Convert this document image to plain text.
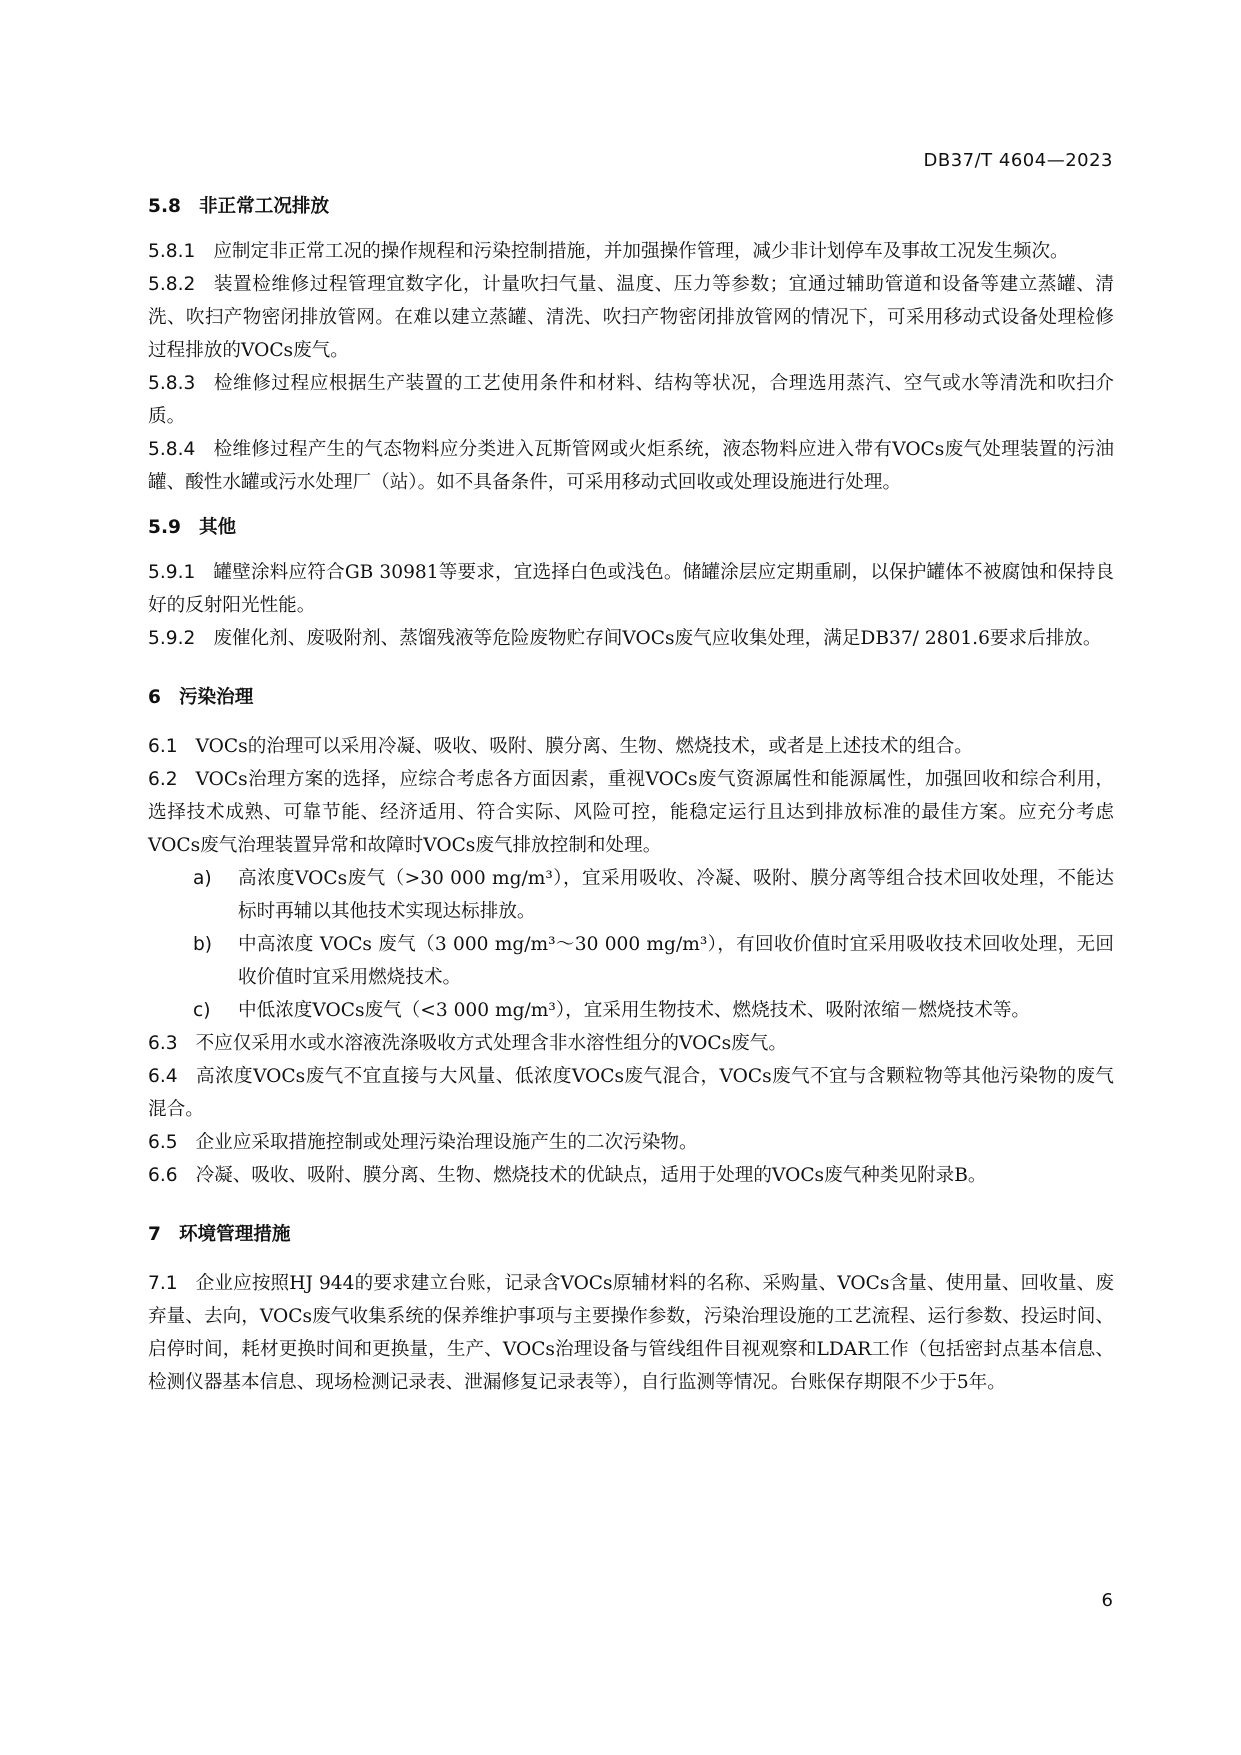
DB37/T 4604—2023
5.8 非正常工况排放
5.8.1 应制定非正常工况的操作规程和污染控制措施，并加强操作管理，减少非计划停车及事故工况发生频次。
5.8.2 装置检维修过程管理宜数字化，计量吹扫气量、温度、压力等参数；宜通过辅助管道和设备等建立蒸罐、清洗、吹扫产物密闭排放管网。在难以建立蒸罐、清洗、吹扫产物密闭排放管网的情况下，可采用移动式设备处理检修过程排放的VOCs废气。
5.8.3 检维修过程应根据生产装置的工艺使用条件和材料、结构等状况，合理选用蒸汽、空气或水等清洗和吹扫介质。
5.8.4 检维修过程产生的气态物料应分类进入瓦斯管网或火炬系统，液态物料应进入带有VOCs废气处理装置的污油罐、酸性水罐或污水处理厂（站）。如不具备条件，可采用移动式回收或处理设施进行处理。
5.9 其他
5.9.1 罐壁涂料应符合GB 30981等要求，宜选择白色或浅色。储罐涂层应定期重刷，以保护罐体不被腐蚀和保持良好的反射阳光性能。
5.9.2 废催化剂、废吸附剂、蒸馏残液等危险废物贮存间VOCs废气应收集处理，满足DB37/ 2801.6要求后排放。
6 污染治理
6.1 VOCs的治理可以采用冷凝、吸收、吸附、膜分离、生物、燃烧技术，或者是上述技术的组合。
6.2 VOCs治理方案的选择，应综合考虑各方面因素，重视VOCs废气资源属性和能源属性，加强回收和综合利用，选择技术成熟、可靠节能、经济适用、符合实际、风险可控，能稳定运行且达到排放标准的最佳方案。应充分考虑VOCs废气治理装置异常和故障时VOCs废气排放控制和处理。
a) 高浓度VOCs废气（>30 000 mg/m³），宜采用吸收、冷凝、吸附、膜分离等组合技术回收处理，不能达标时再辅以其他技术实现达标排放。
b) 中高浓度 VOCs 废气（3 000 mg/m³～30 000 mg/m³），有回收价值时宜采用吸收技术回收处理，无回收价值时宜采用燃烧技术。
c) 中低浓度VOCs废气（<3 000 mg/m³），宜采用生物技术、燃烧技术、吸附浓缩－燃烧技术等。
6.3 不应仅采用水或水溶液洗涤吸收方式处理含非水溶性组分的VOCs废气。
6.4 高浓度VOCs废气不宜直接与大风量、低浓度VOCs废气混合，VOCs废气不宜与含颗粒物等其他污染物的废气混合。
6.5 企业应采取措施控制或处理污染治理设施产生的二次污染物。
6.6 冷凝、吸收、吸附、膜分离、生物、燃烧技术的优缺点，适用于处理的VOCs废气种类见附录B。
7 环境管理措施
7.1 企业应按照HJ 944的要求建立台账，记录含VOCs原辅材料的名称、采购量、VOCs含量、使用量、回收量、废弃量、去向，VOCs废气收集系统的保养维护事项与主要操作参数，污染治理设施的工艺流程、运行参数、投运时间、启停时间，耗材更换时间和更换量，生产、VOCs治理设备与管线组件目视观察和LDAR工作（包括密封点基本信息、检测仪器基本信息、现场检测记录表、泄漏修复记录表等），自行监测等情况。台账保存期限不少于5年。
6
